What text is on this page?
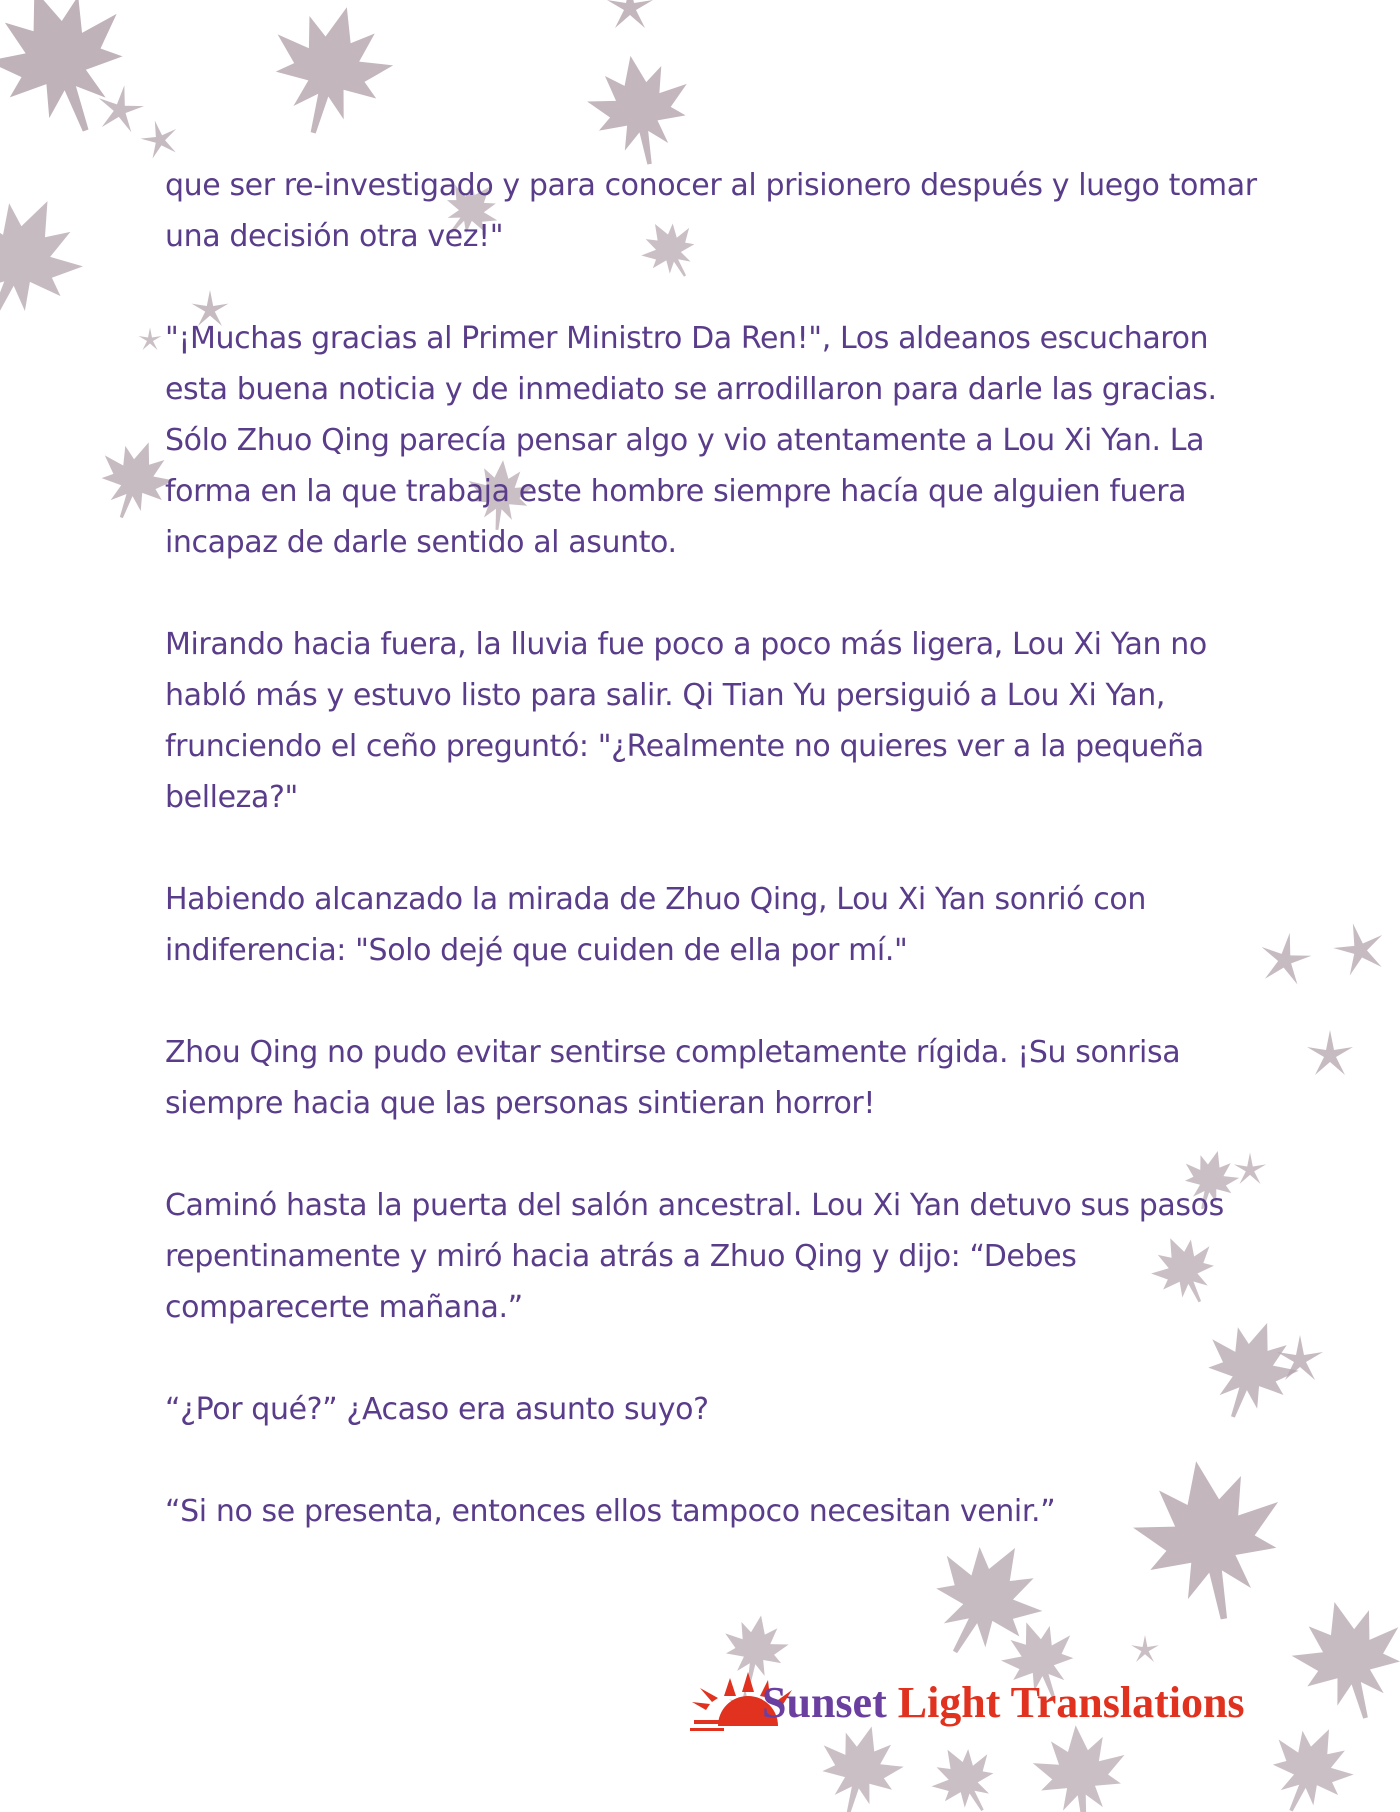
que ser re-investigado y para conocer al prisionero después y luego tomar una decisión otra vez!"

"¡Muchas gracias al Primer Ministro Da Ren!", Los aldeanos escucharon esta buena noticia y de inmediato se arrodillaron para darle las gracias. Sólo Zhuo Qing parecía pensar algo y vio atentamente a Lou Xi Yan. La forma en la que trabaja este hombre siempre hacía que alguien fuera incapaz de darle sentido al asunto.

Mirando hacia fuera, la lluvia fue poco a poco más ligera, Lou Xi Yan no habló más y estuvo listo para salir. Qi Tian Yu persiguió a Lou Xi Yan, frunciendo el ceño preguntó: "¿Realmente no quieres ver a la pequeña belleza?"

Habiendo alcanzado la mirada de Zhuo Qing, Lou Xi Yan sonrió con indiferencia: "Solo dejé que cuiden de ella por mí."

Zhou Qing no pudo evitar sentirse completamente rígida. ¡Su sonrisa siempre hacia que las personas sintieran horror!

Caminó hasta la puerta del salón ancestral. Lou Xi Yan detuvo sus pasos repentinamente y miró hacia atrás a Zhuo Qing y dijo: “Debes comparecerte mañana.”

“¿Por qué?” ¿Acaso era asunto suyo?

“Si no se presenta, entonces ellos tampoco necesitan venir.”

Sunset Light Translations
